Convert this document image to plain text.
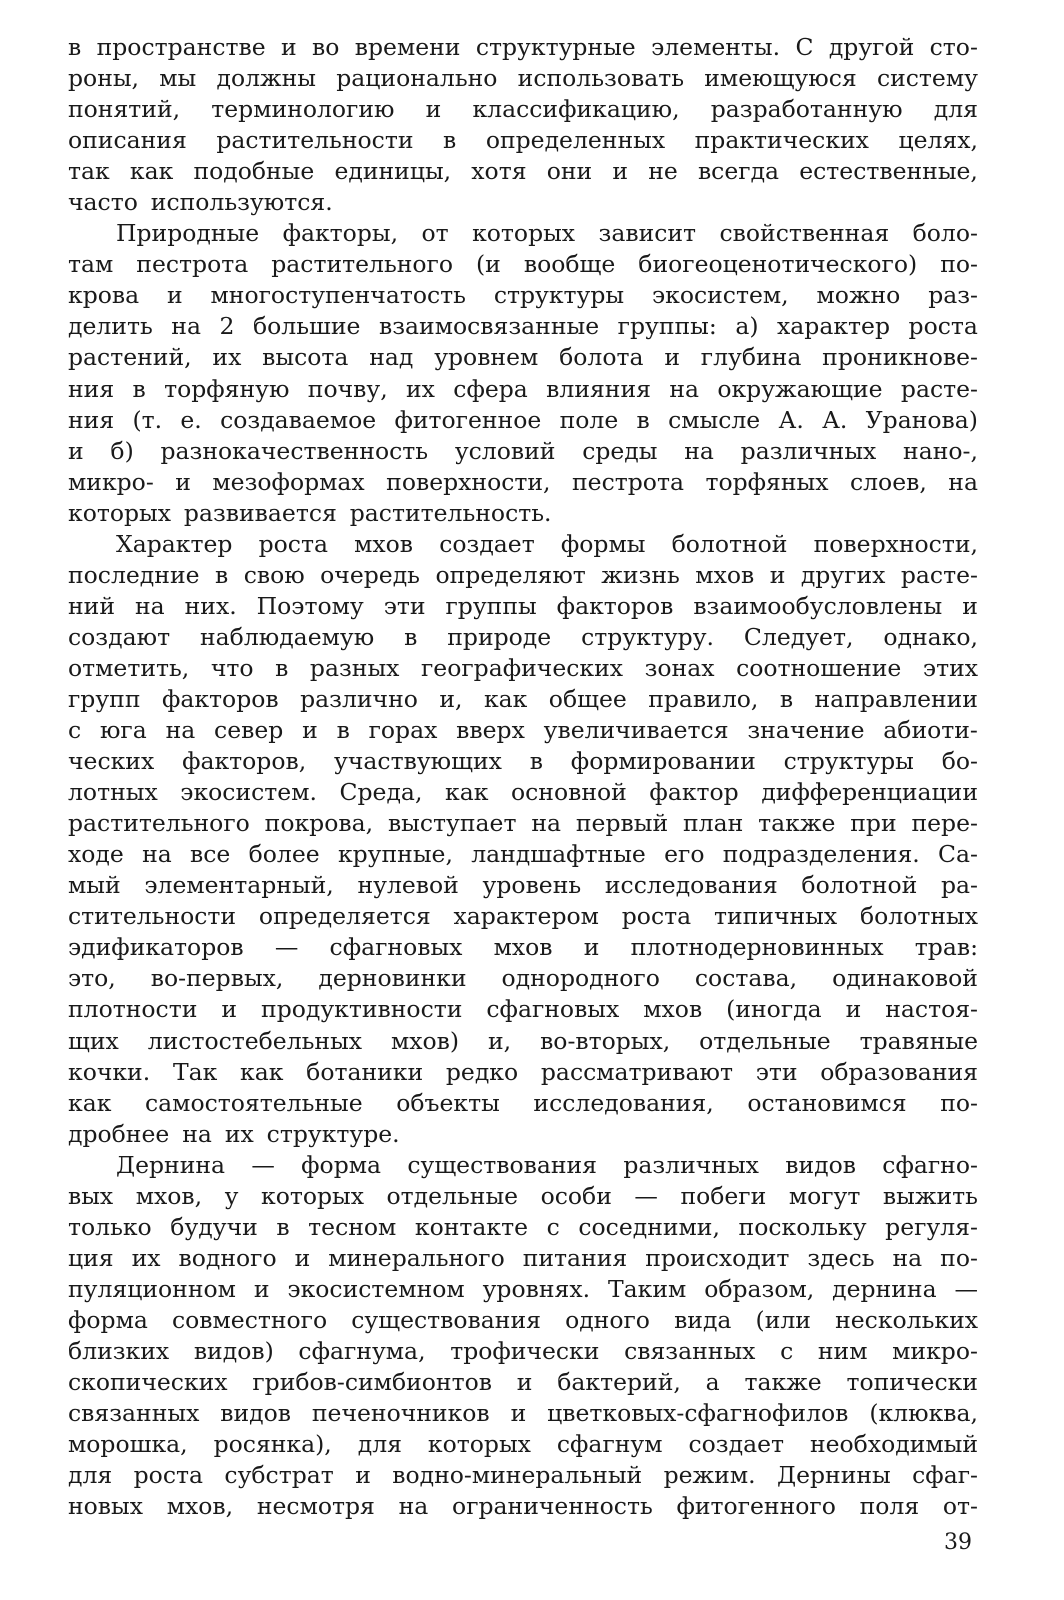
в пространстве и во времени структурные элементы. С другой сто-
роны, мы должны рационально использовать имеющуюся систему
понятий, терминологию и классификацию, разработанную для
описания растительности в определенных практических целях,
так как подобные единицы, хотя они и не всегда естественные,
часто используются.
Природные факторы, от которых зависит свойственная боло-
там пестрота растительного (и вообще биогеоценотического) по-
крова и многоступенчатость структуры экосистем, можно раз-
делить на 2 большие взаимосвязанные группы: а) характер роста
растений, их высота над уровнем болота и глубина проникнове-
ния в торфяную почву, их сфера влияния на окружающие расте-
ния (т. е. создаваемое фитогенное поле в смысле А. А. Уранова)
и б) разнокачественность условий среды на различных нано-,
микро- и мезоформах поверхности, пестрота торфяных слоев, на
которых развивается растительность.
Характер роста мхов создает формы болотной поверхности,
последние в свою очередь определяют жизнь мхов и других расте-
ний на них. Поэтому эти группы факторов взаимообусловлены и
создают наблюдаемую в природе структуру. Следует, однако,
отметить, что в разных географических зонах соотношение этих
групп факторов различно и, как общее правило, в направлении
с юга на север и в горах вверх увеличивается значение абиоти-
ческих факторов, участвующих в формировании структуры бо-
лотных экосистем. Среда, как основной фактор дифференциации
растительного покрова, выступает на первый план также при пере-
ходе на все более крупные, ландшафтные его подразделения. Са-
мый элементарный, нулевой уровень исследования болотной ра-
стительности определяется характером роста типичных болотных
эдификаторов — сфагновых мхов и плотнодерновинных трав:
это, во-первых, дерновинки однородного состава, одинаковой
плотности и продуктивности сфагновых мхов (иногда и настоя-
щих листостебельных мхов) и, во-вторых, отдельные травяные
кочки. Так как ботаники редко рассматривают эти образования
как самостоятельные объекты исследования, остановимся по-
дробнее на их структуре.
Дернина — форма существования различных видов сфагно-
вых мхов, у которых отдельные особи — побеги могут выжить
только будучи в тесном контакте с соседними, поскольку регуля-
ция их водного и минерального питания происходит здесь на по-
пуляционном и экосистемном уровнях. Таким образом, дернина —
форма совместного существования одного вида (или нескольких
близких видов) сфагнума, трофически связанных с ним микро-
скопических грибов-симбионтов и бактерий, а также топически
связанных видов печеночников и цветковых-сфагнофилов (клюква,
морошка, росянка), для которых сфагнум создает необходимый
для роста субстрат и водно-минеральный режим. Дернины сфаг-
новых мхов, несмотря на ограниченность фитогенного поля от-
39
